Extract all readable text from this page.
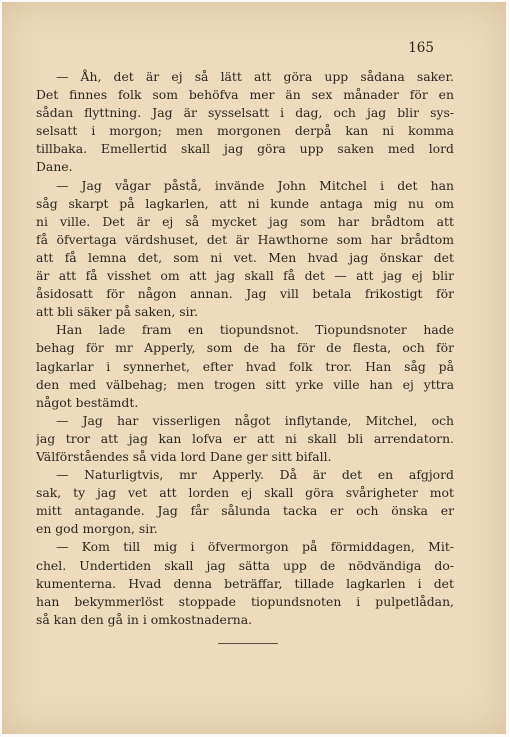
165
— Åh, det är ej så lätt att göra upp sådana saker.
Det finnes folk som behöfva mer än sex månader för en
sådan flyttning. Jag är sysselsatt i dag, och jag blir sys-
selsatt i morgon; men morgonen derpå kan ni komma
tillbaka. Emellertid skall jag göra upp saken med lord
Dane.
— Jag vågar påstå, invände John Mitchel i det han
såg skarpt på lagkarlen, att ni kunde antaga mig nu om
ni ville. Det är ej så mycket jag som har brådtom att
få öfvertaga värdshuset, det är Hawthorne som har brådtom
att få lemna det, som ni vet. Men hvad jag önskar det
är att få visshet om att jag skall få det — att jag ej blir
åsidosatt för någon annan. Jag vill betala frikostigt för
att bli säker på saken, sir.
Han lade fram en tiopundsnot. Tiopundsnoter hade
behag för mr Apperly, som de ha för de flesta, och för
lagkarlar i synnerhet, efter hvad folk tror. Han såg på
den med välbehag; men trogen sitt yrke ville han ej yttra
något bestämdt.
— Jag har visserligen något inflytande, Mitchel, och
jag tror att jag kan lofva er att ni skall bli arrendatorn.
Välförståendes så vida lord Dane ger sitt bifall.
— Naturligtvis, mr Apperly. Då är det en afgjord
sak, ty jag vet att lorden ej skall göra svårigheter mot
mitt antagande. Jag får sålunda tacka er och önska er
en god morgon, sir.
— Kom till mig i öfvermorgon på förmiddagen, Mit-
chel. Undertiden skall jag sätta upp de nödvändiga do-
kumenterna. Hvad denna beträffar, tillade lagkarlen i det
han bekymmerlöst stoppade tiopundsnoten i pulpetlådan,
så kan den gå in i omkostnaderna.
